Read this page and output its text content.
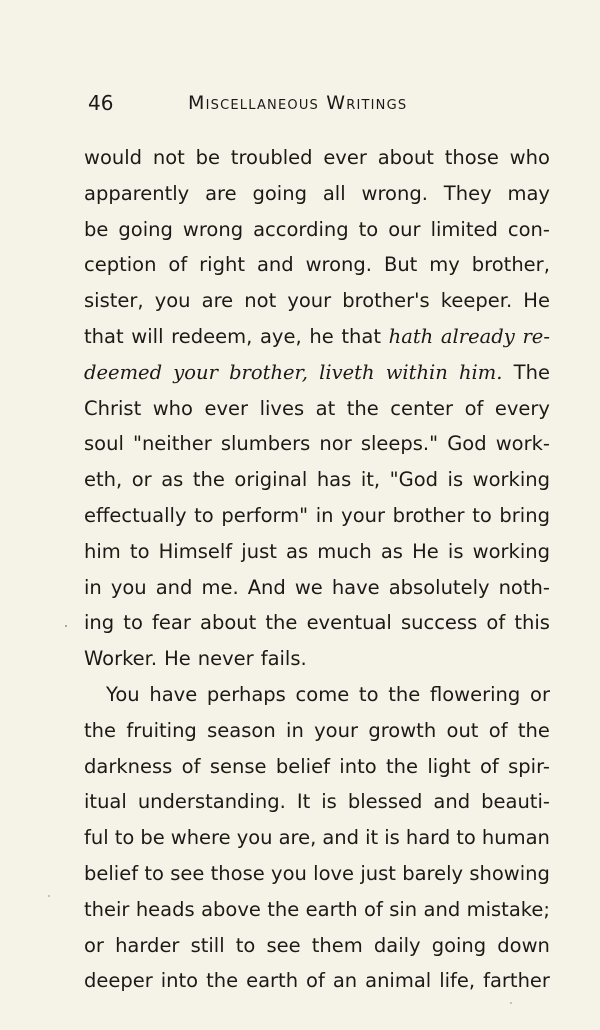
46	Miscellaneous Writings
would not be troubled ever about those who
apparently are going all wrong. They may
be going wrong according to our limited con-
ception of right and wrong. But my brother,
sister, you are not your brother's keeper. He
that will redeem, aye, he that hath already re-
deemed your brother, liveth within him. The
Christ who ever lives at the center of every
soul "neither slumbers nor sleeps." God work-
eth, or as the original has it, "God is working
effectually to perform" in your brother to bring
him to Himself just as much as He is working
in you and me. And we have absolutely noth-
ing to fear about the eventual success of this
Worker. He never fails.
You have perhaps come to the flowering or
the fruiting season in your growth out of the
darkness of sense belief into the light of spir-
itual understanding. It is blessed and beauti-
ful to be where you are, and it is hard to human
belief to see those you love just barely showing
their heads above the earth of sin and mistake;
or harder still to see them daily going down
deeper into the earth of an animal life, farther
